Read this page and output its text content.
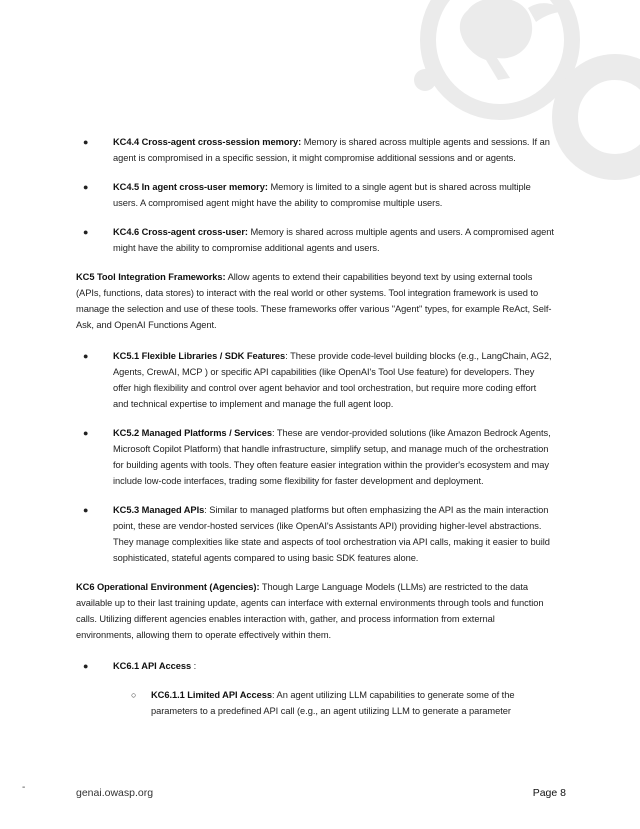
●	KC4.4 Cross-agent cross-session memory: Memory is shared across multiple agents and sessions. If an agent is compromised in a specific session, it might compromise additional sessions and or agents.
●	KC4.5 In agent cross-user memory: Memory is limited to a single agent but is shared across multiple users. A compromised agent might have the ability to compromise multiple users.
●	KC4.6 Cross-agent cross-user: Memory is shared across multiple agents and users. A compromised agent might have the ability to compromise additional agents and users.
KC5 Tool Integration Frameworks: Allow agents to extend their capabilities beyond text by using external tools (APIs, functions, data stores) to interact with the real world or other systems. Tool integration framework is used to manage the selection and use of these tools. These frameworks offer various "Agent" types, for example ReAct, Self-Ask, and OpenAI Functions Agent.
●	KC5.1 Flexible Libraries / SDK Features: These provide code-level building blocks (e.g., LangChain, AG2, Agents, CrewAI, MCP ) or specific API capabilities (like OpenAI's Tool Use feature) for developers. They offer high flexibility and control over agent behavior and tool orchestration, but require more coding effort and technical expertise to implement and manage the full agent loop.
●	KC5.2 Managed Platforms / Services: These are vendor-provided solutions (like Amazon Bedrock Agents, Microsoft Copilot Platform) that handle infrastructure, simplify setup, and manage much of the orchestration for building agents with tools. They often feature easier integration within the provider's ecosystem and may include low-code interfaces, trading some flexibility for faster development and deployment.
●	KC5.3 Managed APIs: Similar to managed platforms but often emphasizing the API as the main interaction point, these are vendor-hosted services (like OpenAI's Assistants API) providing higher-level abstractions. They manage complexities like state and aspects of tool orchestration via API calls, making it easier to build sophisticated, stateful agents compared to using basic SDK features alone.
KC6 Operational Environment (Agencies): Though Large Language Models (LLMs) are restricted to the data available up to their last training update, agents can interface with external environments through tools and function calls. Utilizing different agencies enables interaction with, gather, and process information from external environments, allowing them to operate effectively within them.
●	KC6.1 API Access :
○ KC6.1.1 Limited API Access: An agent utilizing LLM capabilities to generate some of the parameters to a predefined API call (e.g., an agent utilizing LLM to generate a parameter
-	genai.owasp.org	Page 8
